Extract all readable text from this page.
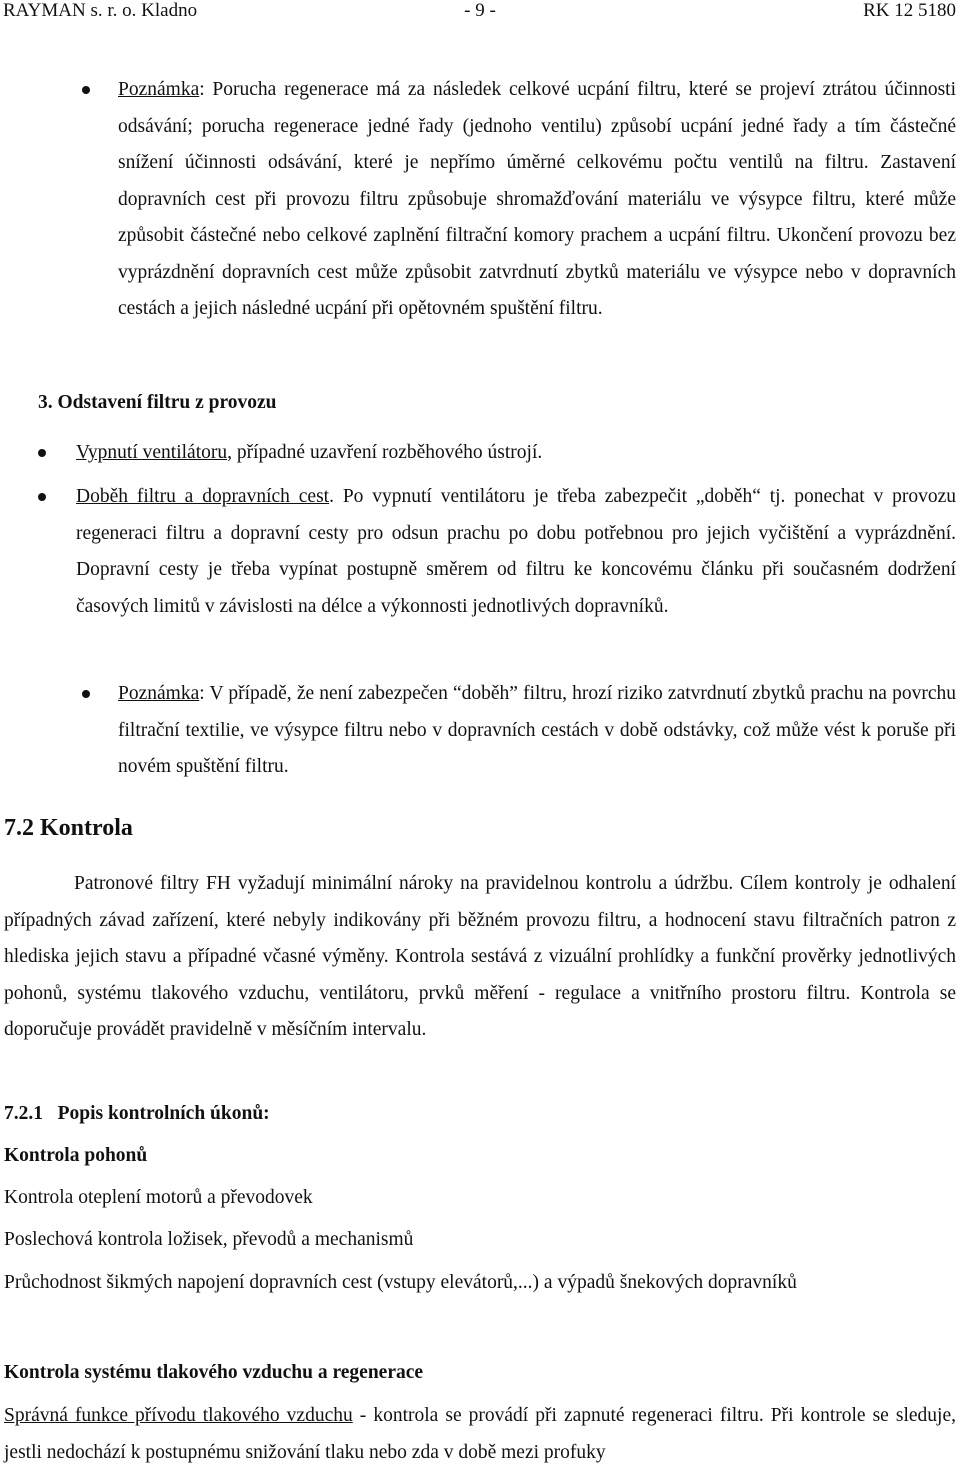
RAYMAN s. r. o. Kladno	- 9 -	RK 12 5180
Poznámka: Porucha regenerace má za následek celkové ucpání filtru, které se projeví ztrátou účinnosti odsávání; porucha regenerace jedné řady (jednoho ventilu) způsobí ucpání jedné řady a tím částečné snížení účinnosti odsávání, které je nepřímo úměrné celkovému počtu ventilů na filtru. Zastavení dopravních cest při provozu filtru způsobuje shromažďování materiálu ve výsypce filtru, které může způsobit částečné nebo celkové zaplnění filtrační komory prachem a ucpání filtru. Ukončení provozu bez vyprázdnění dopravních cest může způsobit zatvrdnutí zbytků materiálu ve výsypce nebo v dopravních cestách a jejich následné ucpání při opětovném spuštění filtru.
3. Odstavení filtru z provozu
Vypnutí ventilátoru, případné uzavření rozběhového ústrojí.
Doběh filtru a dopravních cest. Po vypnutí ventilátoru je třeba zabezpečit „doběh“ tj. ponechat v provozu regeneraci filtru a dopravní cesty pro odsun prachu po dobu potřebnou pro jejich vyčištění a vyprázdnění. Dopravní cesty je třeba vypínat postupně směrem od filtru ke koncovému článku při současném dodržení časových limitů v závislosti na délce a výkonnosti jednotlivých dopravníků.
Poznámka: V případě, že není zabezpečen “doběh” filtru, hrozí riziko zatvrdnutí zbytků prachu na povrchu filtrační textilie, ve výsypce filtru nebo v dopravních cestách v době odstávky, což může vést k poruše při novém spuštění filtru.
7.2 Kontrola
Patronové filtry FH vyžadují minimální nároky na pravidelnou kontrolu a údržbu. Cílem kontroly je odhalení případných závad zařízení, které nebyly indikovány při běžném provozu filtru, a hodnocení stavu filtračních patron z hlediska jejich stavu a případné včasné výměny. Kontrola sestává z vizuální prohlídky a funkční prověrky jednotlivých pohonů, systému tlakového vzduchu, ventilátoru, prvků měření - regulace a vnitřního prostoru filtru. Kontrola se doporučuje provádět pravidelně v měsíčním intervalu.
7.2.1   Popis kontrolních úkonů:
Kontrola pohonů
Kontrola oteplení motorů a převodovek
Poslechová kontrola ložisek, převodů a mechanismů
Průchodnost šikmých napojení dopravních cest (vstupy elevátorů,...) a výpadů šnekových dopravníků
Kontrola systému tlakového vzduchu a regenerace
Správná funkce přívodu tlakového vzduchu - kontrola se provádí při zapnuté regeneraci filtru. Při kontrole se sleduje, jestli nedochází k postupnému snižování tlaku nebo zda v době mezi profuky
